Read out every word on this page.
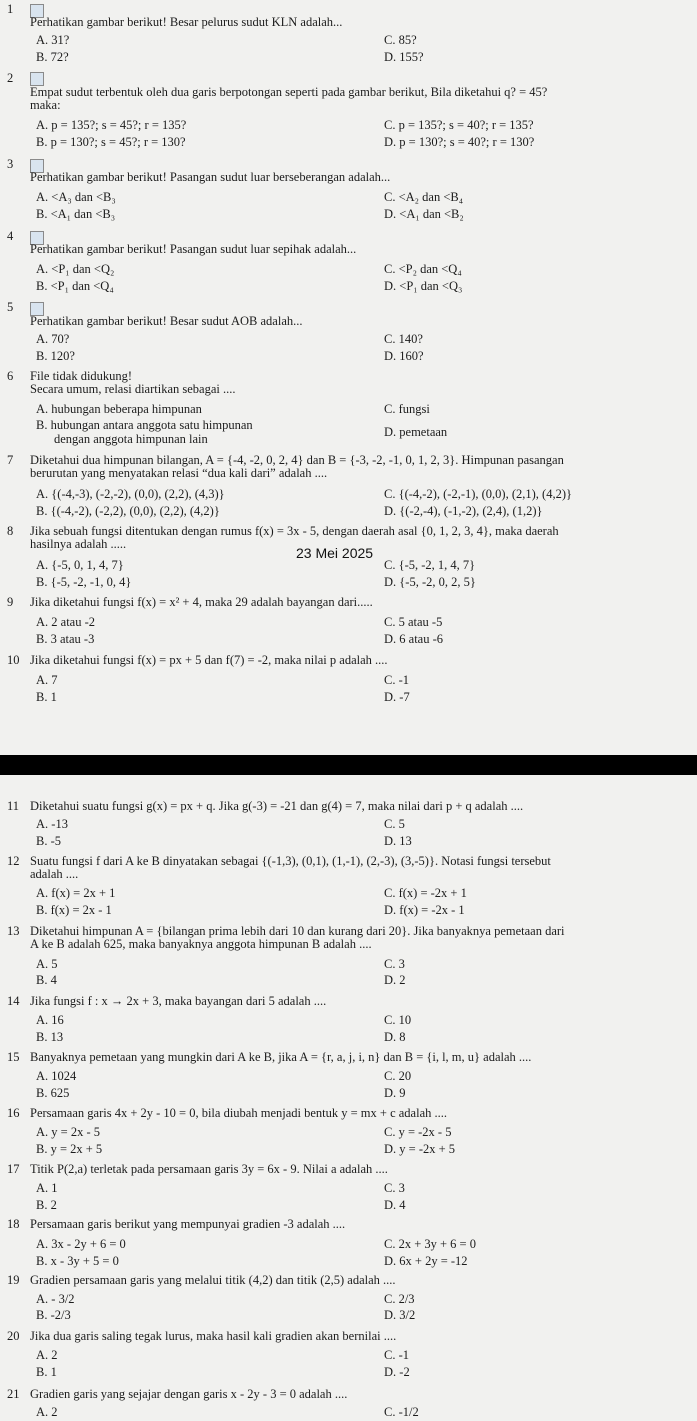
1
Perhatikan gambar berikut! Besar pelurus sudut KLN adalah...
A. 31?	C. 85?
B. 72?	D. 155?
2
Empat sudut terbentuk oleh dua garis berpotongan seperti pada gambar berikut, Bila diketahui q? = 45?
maka:
A. p = 135?; s = 45?; r = 135?	C. p = 135?; s = 40?; r = 135?
B. p = 130?; s = 45?; r = 130?	D. p = 130?; s = 40?; r = 130?
3
Perhatikan gambar berikut! Pasangan sudut luar berseberangan adalah...
A. <A₃ dan <B₃	C. <A₂ dan <B₄
B. <A₁ dan <B₃	D. <A₁ dan <B₂
4
Perhatikan gambar berikut! Pasangan sudut luar sepihak adalah...
A. <P₁ dan <Q₂	C. <P₂ dan <Q₄
B. <P₁ dan <Q₄	D. <P₁ dan <Q₃
5
Perhatikan gambar berikut! Besar sudut AOB adalah...
A. 70?	C. 140?
B. 120?	D. 160?
6	File tidak didukung!
Secara umum, relasi diartikan sebagai ....
A. hubungan beberapa himpunan	C. fungsi
B. hubungan antara anggota satu himpunan
dengan anggota himpunan lain	D. pemetaan
7	Diketahui dua himpunan bilangan, A = {-4, -2, 0, 2, 4} dan B = {-3, -2, -1, 0, 1, 2, 3}. Himpunan pasangan
berurutan yang menyatakan relasi “dua kali dari” adalah ....
A. {(-4,-3), (-2,-2), (0,0), (2,2), (4,3)}	C. {(-4,-2), (-2,-1), (0,0), (2,1), (4,2)}
B. {(-4,-2), (-2,2), (0,0), (2,2), (4,2)}	D. {(-2,-4), (-1,-2), (2,4), (1,2)}
8	Jika sebuah fungsi ditentukan dengan rumus f(x) = 3x - 5, dengan daerah asal {0, 1, 2, 3, 4}, maka daerah
hasilnya adalah .....
23 Mei 2025
A. {-5, 0, 1, 4, 7}	C. {-5, -2, 1, 4, 7}
B. {-5, -2, -1, 0, 4}	D. {-5, -2, 0, 2, 5}
9	Jika diketahui fungsi f(x) = x² + 4, maka 29 adalah bayangan dari.....
A. 2 atau -2	C. 5 atau -5
B. 3 atau -3	D. 6 atau -6
10 Jika diketahui fungsi f(x) = px + 5 dan f(7) = -2, maka nilai p adalah ....
A. 7	C. -1
B. 1	D. -7
11 Diketahui suatu fungsi g(x) = px + q. Jika g(-3) = -21 dan g(4) = 7, maka nilai dari p + q adalah ....
A. -13	C. 5
B. -5	D. 13
12 Suatu fungsi f dari A ke B dinyatakan sebagai {(-1,3), (0,1), (1,-1), (2,-3), (3,-5)}. Notasi fungsi tersebut
adalah ....
A. f(x) = 2x + 1	C. f(x) = -2x + 1
B. f(x) = 2x - 1	D. f(x) = -2x - 1
13 Diketahui himpunan A = {bilangan prima lebih dari 10 dan kurang dari 20}. Jika banyaknya pemetaan dari
A ke B adalah 625, maka banyaknya anggota himpunan B adalah ....
A. 5	C. 3
B. 4	D. 2
14 Jika fungsi f : x → 2x + 3, maka bayangan dari 5 adalah ....
A. 16	C. 10
B. 13	D. 8
15 Banyaknya pemetaan yang mungkin dari A ke B, jika A = {r, a, j, i, n} dan B = {i, l, m, u} adalah ....
A. 1024	C. 20
B. 625	D. 9
16 Persamaan garis 4x + 2y - 10 = 0, bila diubah menjadi bentuk y = mx + c adalah ....
A. y = 2x - 5	C. y = -2x - 5
B. y = 2x + 5	D. y = -2x + 5
17 Titik P(2,a) terletak pada persamaan garis 3y = 6x - 9. Nilai a adalah ....
A. 1	C. 3
B. 2	D. 4
18 Persamaan garis berikut yang mempunyai gradien -3 adalah ....
A. 3x - 2y + 6 = 0	C. 2x + 3y + 6 = 0
B. x - 3y + 5 = 0	D. 6x + 2y = -12
19 Gradien persamaan garis yang melalui titik (4,2) dan titik (2,5) adalah ....
A. - 3/2	C. 2/3
B. -2/3	D. 3/2
20 Jika dua garis saling tegak lurus, maka hasil kali gradien akan bernilai ....
A. 2	C. -1
B. 1	D. -2
21 Gradien garis yang sejajar dengan garis x - 2y - 3 = 0 adalah ....
A. 2	C. -1/2
